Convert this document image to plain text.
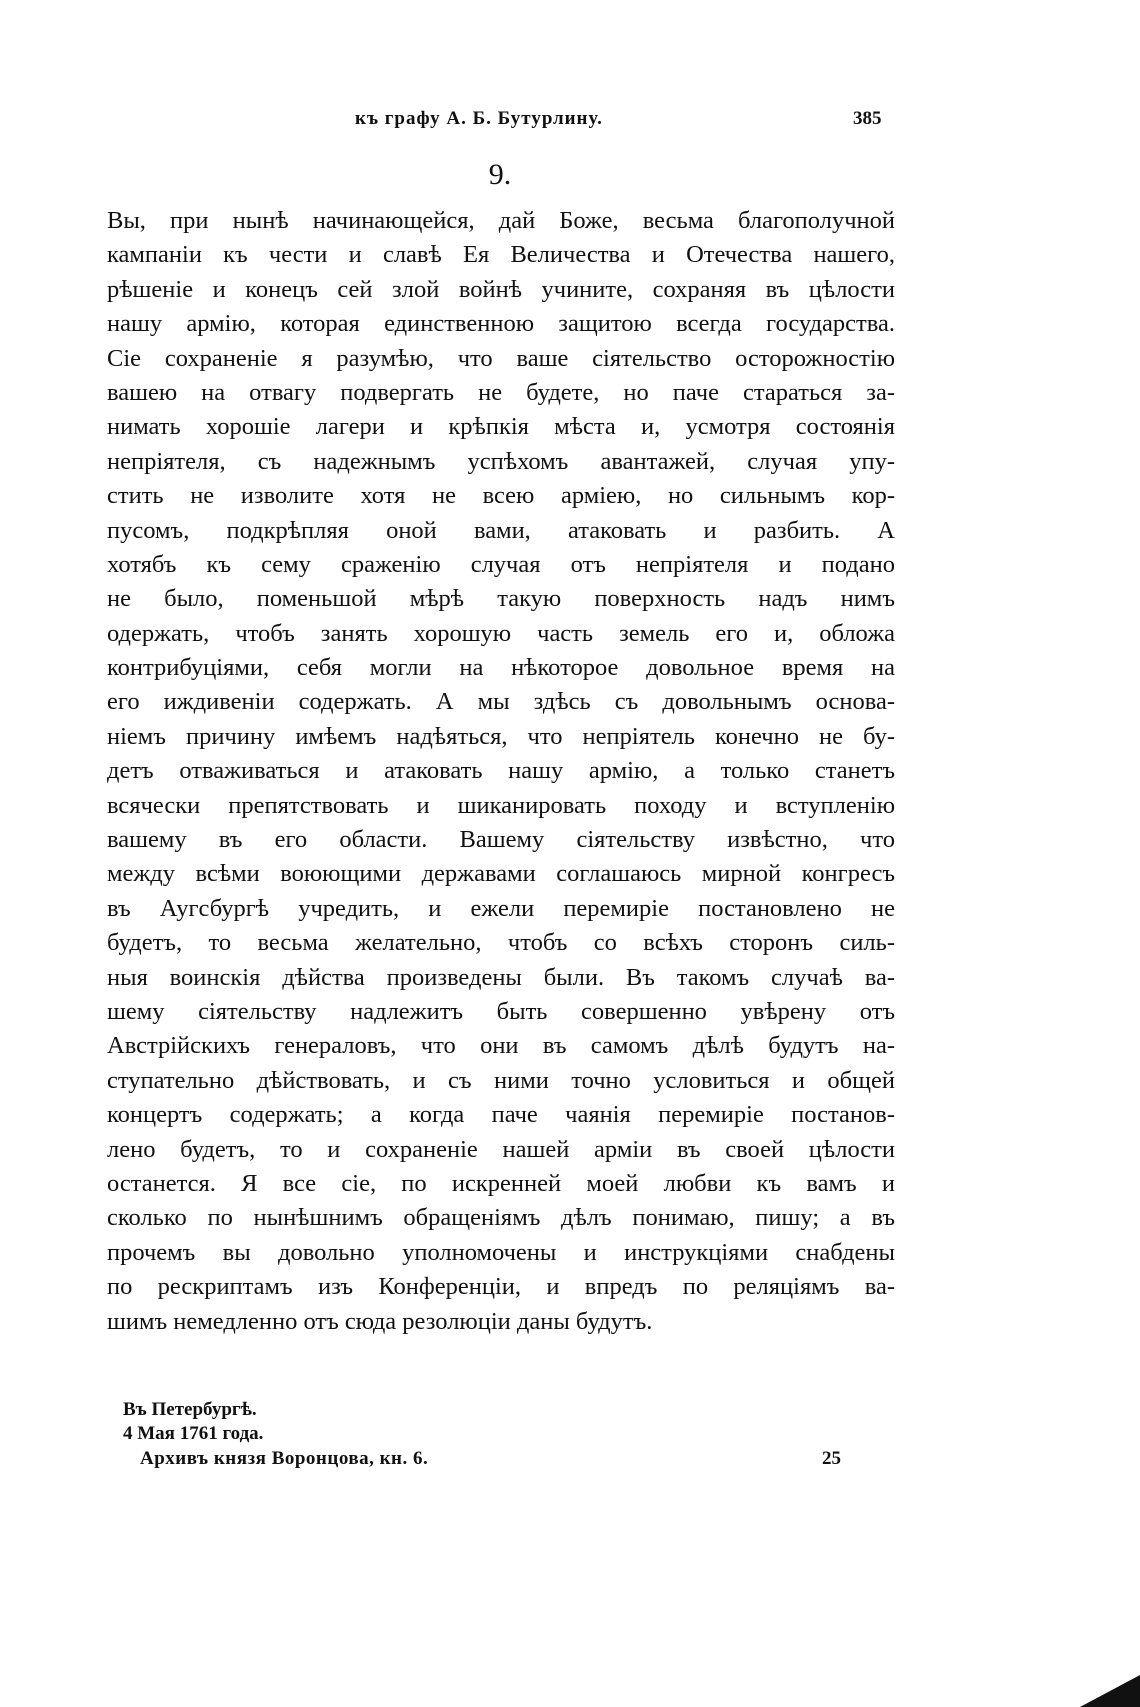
къ графу А. Б. Бутурлину.	385
9.
Вы, при нынѣ начинающейся, дай Боже, весьма благополучной
кампаніи къ чести и славѣ Ея Величества и Отечества нашего,
рѣшеніе и конецъ сей злой войнѣ учините, сохраняя въ цѣлости
нашу армію, которая единственною защитою всегда государства.
Сіе сохраненіе я разумѣю, что ваше сіятельство осторожностію
вашею на отвагу подвергать не будете, но паче стараться за-
нимать хорошіе лагери и крѣпкія мѣста и, усмотря состоянія
непріятеля, съ надежнымъ успѣхомъ авантажей, случая упу-
стить не изволите хотя не всею арміею, но сильнымъ кор-
пусомъ, подкрѣпляя оной вами, атаковать и разбить. А
хотябъ къ сему сраженію случая отъ непріятеля и подано
не было, поменьшой мѣрѣ такую поверхность надъ нимъ
одержать, чтобъ занять хорошую часть земель его и, обложа
контрибуціями, себя могли на нѣкоторое довольное время на
его иждивеніи содержать. А мы здѣсь съ довольнымъ основа-
ніемъ причину имѣемъ надѣяться, что непріятель конечно не бу-
детъ отваживаться и атаковать нашу армію, а только станетъ
всячески препятствовать и шиканировать походу и вступленію
вашему въ его области. Вашему сіятельству извѣстно, что
между всѣми воюющими державами соглашаюсь мирной конгресъ
въ Аугсбургѣ учредить, и ежели перемиріе постановлено не
будетъ, то весьма желательно, чтобъ со всѣхъ сторонъ силь-
ныя воинскія дѣйства произведены были. Въ такомъ случаѣ ва-
шему сіятельству надлежитъ быть совершенно увѣрену отъ
Австрійскихъ генераловъ, что они въ самомъ дѣлѣ будутъ на-
ступательно дѣйствовать, и съ ними точно условиться и общей
концертъ содержать; а когда паче чаянія перемиріе постанов-
лено будетъ, то и сохраненіе нашей арміи въ своей цѣлости
останется. Я все сіе, по искренней моей любви къ вамъ и
сколько по нынѣшнимъ обращеніямъ дѣлъ понимаю, пишу; а въ
прочемъ вы довольно уполномочены и инструкціями снабдены
по рескриптамъ изъ Конференціи, и впредъ по реляціямъ ва-
шимъ немедленно отъ сюда резолюціи даны будутъ.
Въ Петербургѣ.
4 Мая 1761 года.
Архивъ князя Воронцова, кн. 6.	25
